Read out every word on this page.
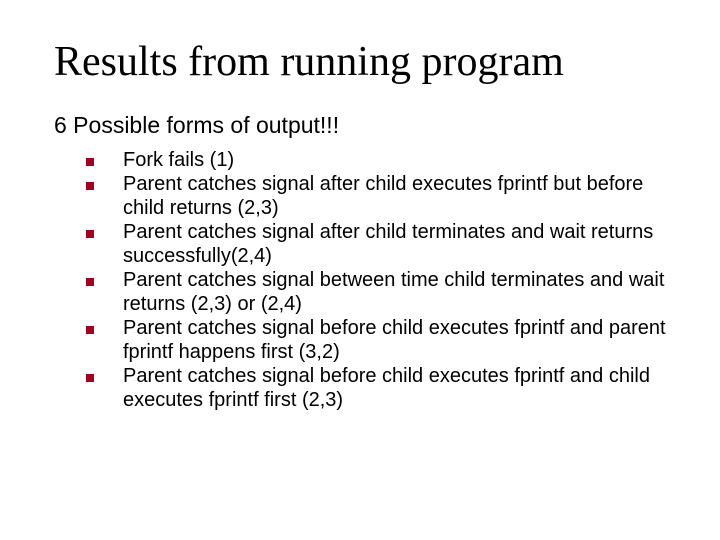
Results from running program

6 Possible forms of output!!!

Fork fails (1)
Parent catches signal after child executes fprintf but before child returns (2,3)
Parent catches signal after child terminates and wait returns successfully(2,4)
Parent catches signal between time child terminates and wait returns (2,3) or (2,4)
Parent catches signal before child executes fprintf and parent fprintf happens first (3,2)
Parent catches signal before child executes fprintf and child executes fprintf first (2,3)
